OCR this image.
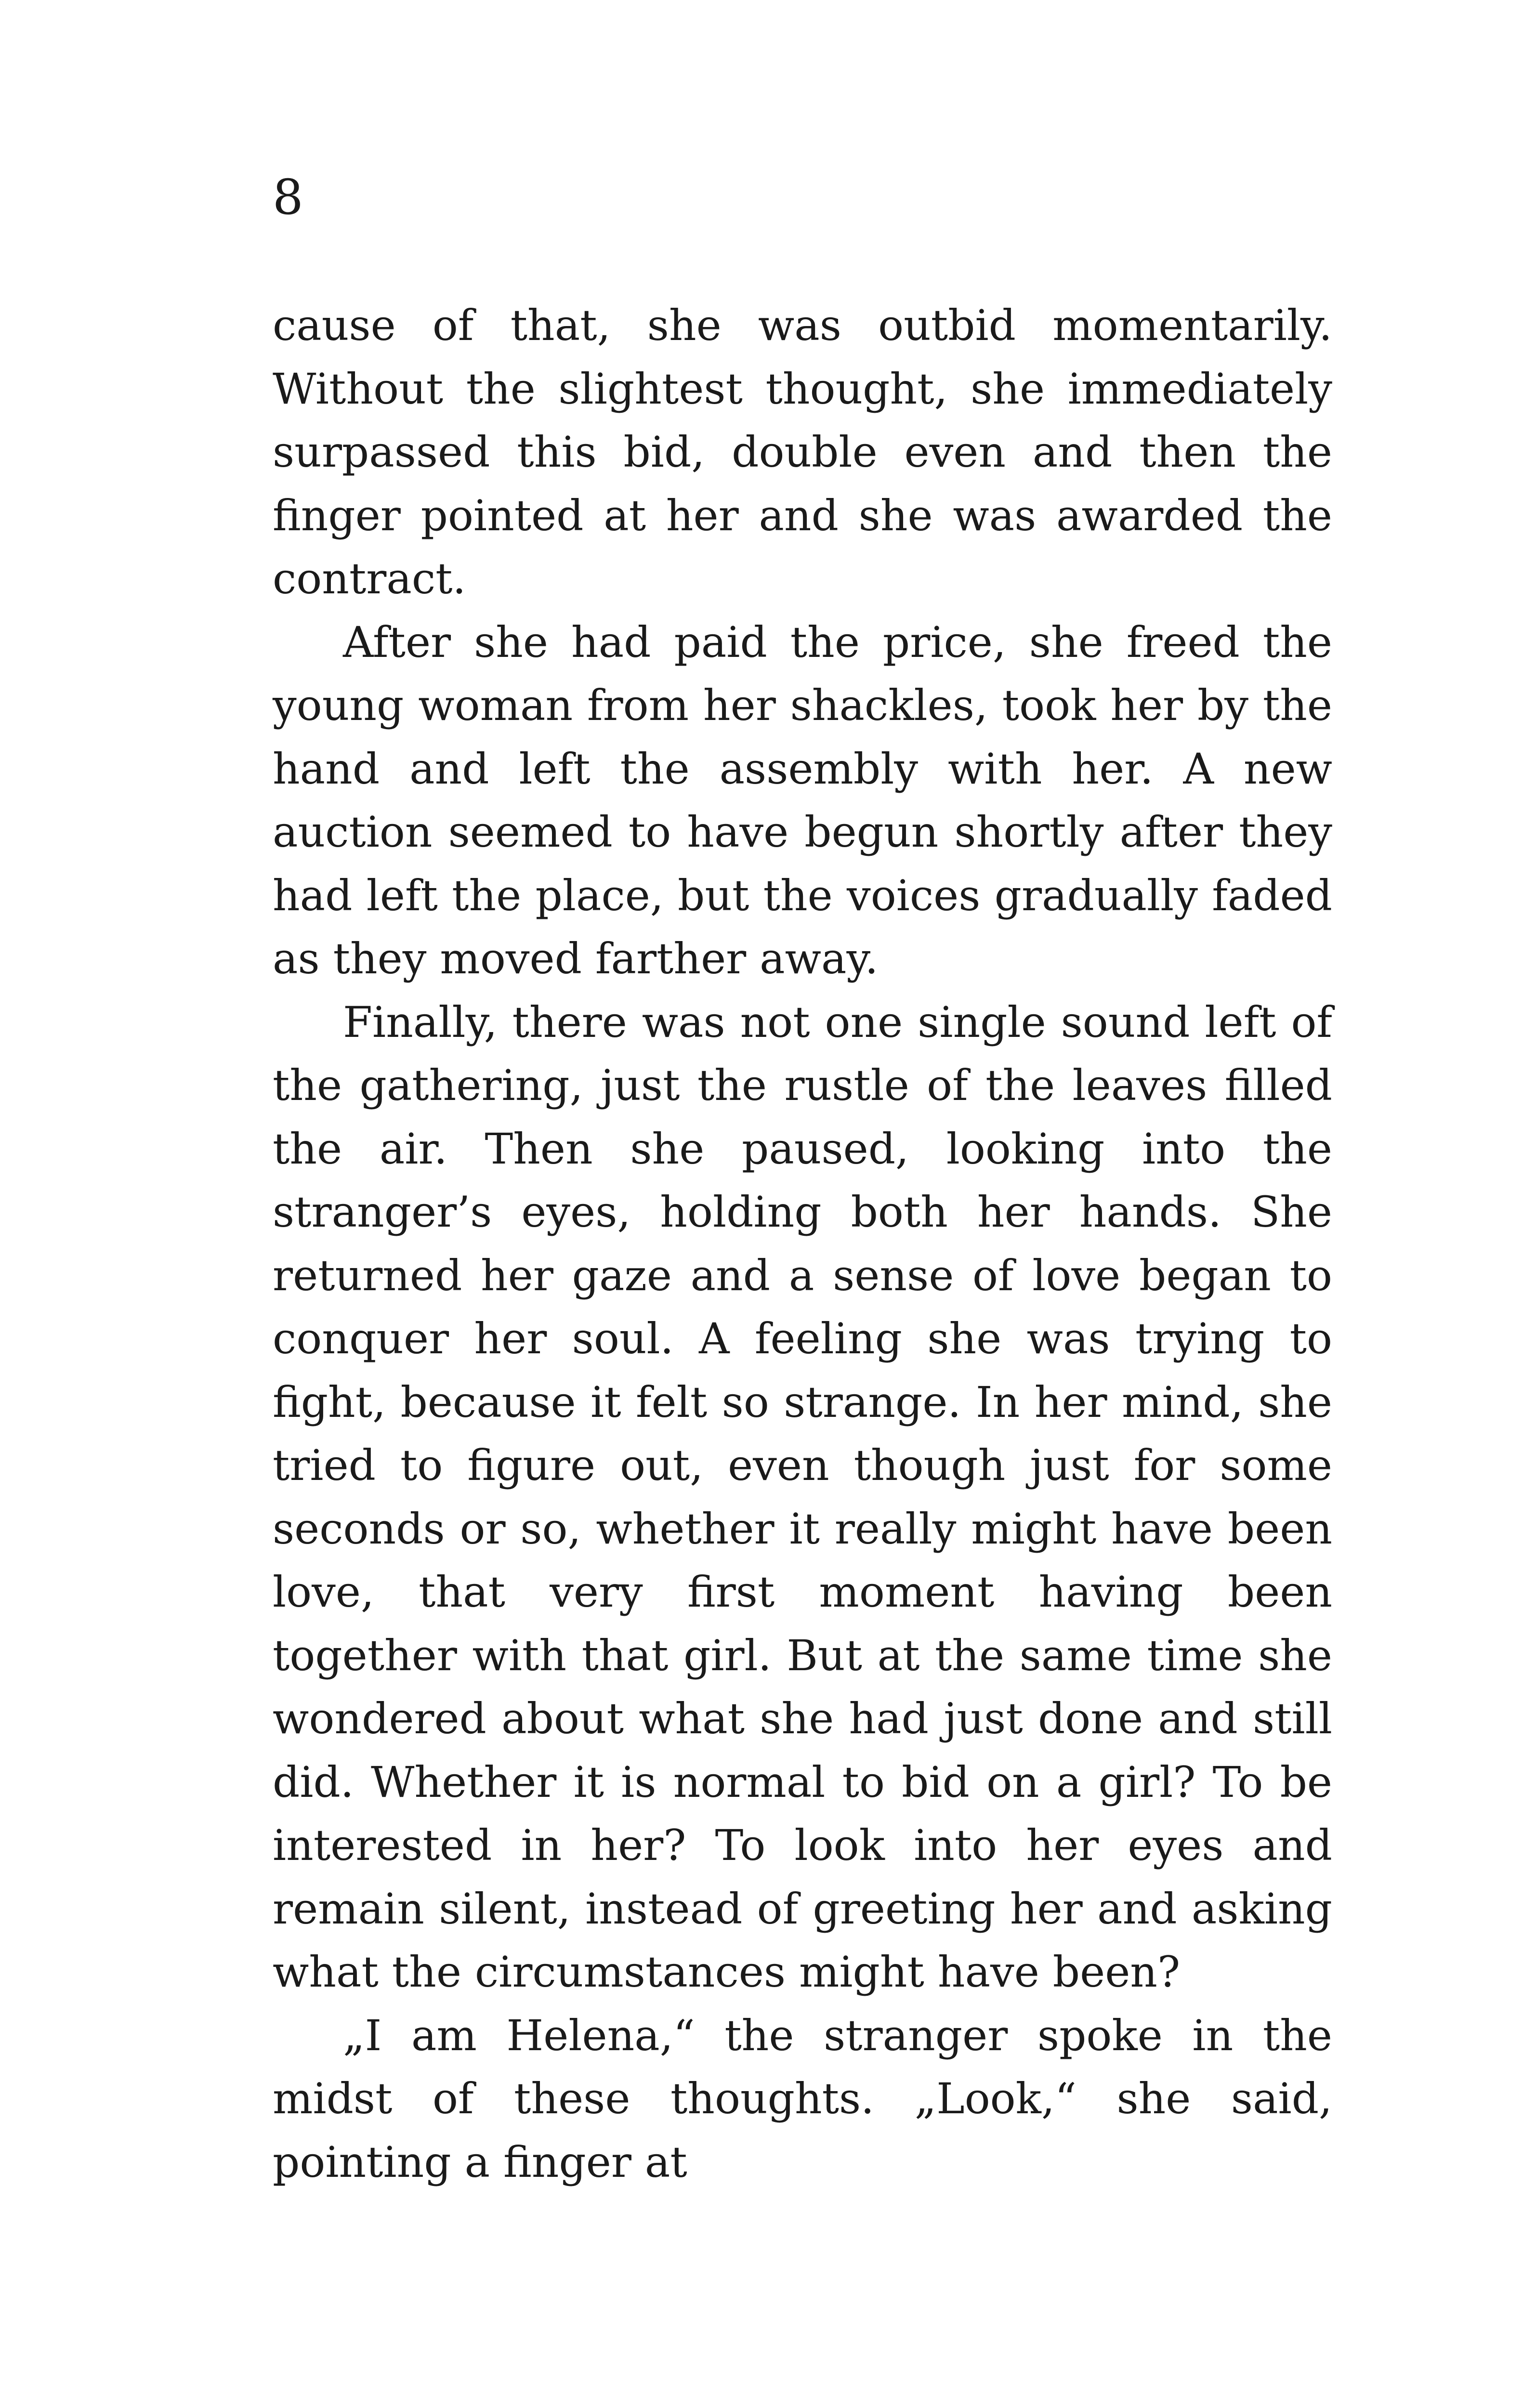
8

cause of that, she was outbid momentarily. Without the slightest thought, she immediately surpassed this bid, double even and then the finger pointed at her and she was awarded the contract.

After she had paid the price, she freed the young woman from her shackles, took her by the hand and left the assembly with her. A new auction seemed to have begun shortly after they had left the place, but the voices gradually faded as they moved farther away.

Finally, there was not one single sound left of the gathering, just the rustle of the leaves filled the air. Then she paused, looking into the stranger’s eyes, holding both her hands. She returned her gaze and a sense of love began to conquer her soul. A feeling she was trying to fight, because it felt so strange. In her mind, she tried to figure out, even though just for some seconds or so, whether it really might have been love, that very first moment having been together with that girl. But at the same time she wondered about what she had just done and still did. Whether it is normal to bid on a girl? To be interested in her? To look into her eyes and remain silent, instead of greeting her and asking what the circumstances might have been?

„I am Helena,“ the stranger spoke in the midst of these thoughts. „Look,“ she said, pointing a finger at
